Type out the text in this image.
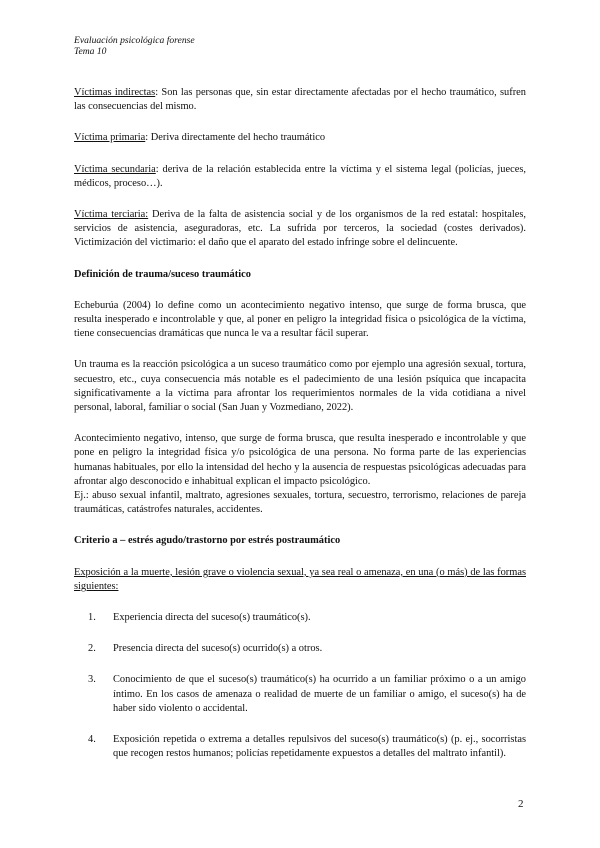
Evaluación psicológica forense
Tema 10

Víctimas indirectas: Son las personas que, sin estar directamente afectadas por el hecho traumático, sufren las consecuencias del mismo.

Víctima primaria: Deriva directamente del hecho traumático

Víctima secundaria: deriva de la relación establecida entre la víctima y el sistema legal (policías, jueces, médicos, proceso…).

Víctima terciaria: Deriva de la falta de asistencia social y de los organismos de la red estatal: hospitales, servicios de asistencia, aseguradoras, etc. La sufrida por terceros, la sociedad (costes derivados). Victimización del victimario: el daño que el aparato del estado infringe sobre el delincuente.

Definición de trauma/suceso traumático

Echeburúa (2004) lo define como un acontecimiento negativo intenso, que surge de forma brusca, que resulta inesperado e incontrolable y que, al poner en peligro la integridad física o psicológica de la víctima, tiene consecuencias dramáticas que nunca le va a resultar fácil superar.

Un trauma es la reacción psicológica a un suceso traumático como por ejemplo una agresión sexual, tortura, secuestro, etc., cuya consecuencia más notable es el padecimiento de una lesión psíquica que incapacita significativamente a la víctima para afrontar los requerimientos normales de la vida cotidiana a nivel personal, laboral, familiar o social (San Juan y Vozmediano, 2022).

Acontecimiento negativo, intenso, que surge de forma brusca, que resulta inesperado e incontrolable y que pone en peligro la integridad física y/o psicológica de una persona. No forma parte de las experiencias humanas habituales, por ello la intensidad del hecho y la ausencia de respuestas psicológicas adecuadas para afrontar algo desconocido e inhabitual explican el impacto psicológico.

Ej.: abuso sexual infantil, maltrato, agresiones sexuales, tortura, secuestro, terrorismo, relaciones de pareja traumáticas, catástrofes naturales, accidentes.

Criterio a – estrés agudo/trastorno por estrés postraumático

Exposición a la muerte, lesión grave o violencia sexual, ya sea real o amenaza, en una (o más) de las formas siguientes:

1.	Experiencia directa del suceso(s) traumático(s).
2.	Presencia directa del suceso(s) ocurrido(s) a otros.
3.	Conocimiento de que el suceso(s) traumático(s) ha ocurrido a un familiar próximo o a un amigo íntimo. En los casos de amenaza o realidad de muerte de un familiar o amigo, el suceso(s) ha de haber sido violento o accidental.
4.	Exposición repetida o extrema a detalles repulsivos del suceso(s) traumático(s) (p. ej., socorristas que recogen restos humanos; policías repetidamente expuestos a detalles del maltrato infantil).
2
